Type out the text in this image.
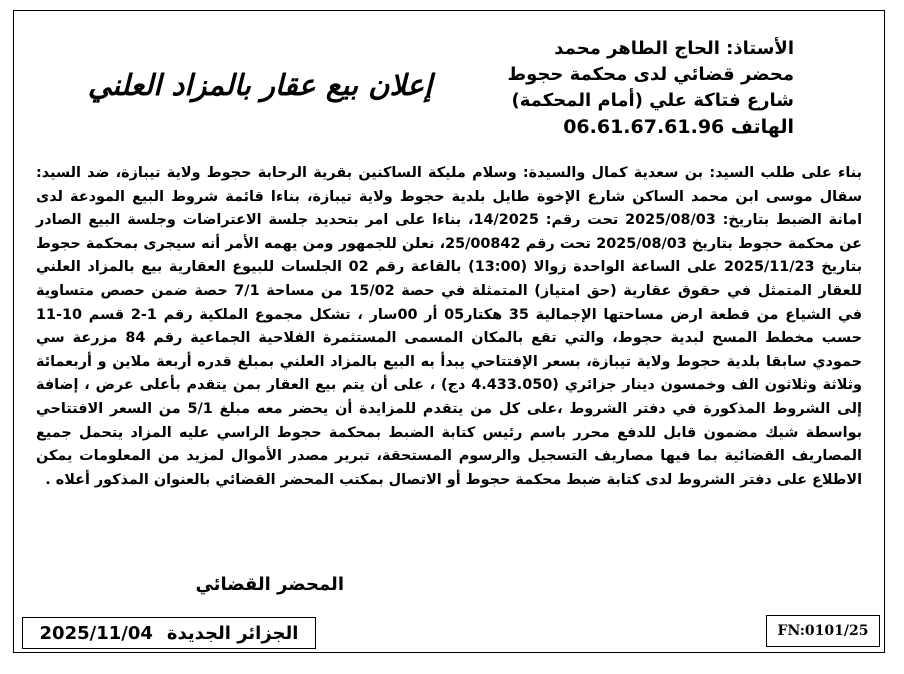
الأستاذ: الحاج الطاهر محمد
محضر قضائي لدى محكمة حجوط
شارع فتاكة علي (أمام المحكمة)
الهاتف 06.61.67.61.96
إعلان بيع عقار بالمزاد العلني
بناء على طلب السيد: بن سعدية كمال والسيدة: وسلام مليكة الساكنين بقرية الرحابة حجوط ولاية تيبازة، ضد السيد: سقال موسى ابن محمد الساكن شارع الإخوة طايل بلدية حجوط ولاية تيبازة، بناءا قائمة شروط البيع المودعة لدى امانة الضبط بتاريخ: 2025/08/03 تحت رقم: 14/2025، بناءا على امر بتحديد جلسة الاعتراضات وجلسة البيع الصادر عن محكمة حجوط بتاريخ 2025/08/03 تحت رقم 25/00842، نعلن للجمهور ومن يهمه الأمر أنه سيجرى بمحكمة حجوط بتاريخ 2025/11/23 على الساعة الواحدة زوالا (13:00) بالقاعة رقم 02 الجلسات للبيوع العقارية بيع بالمزاد العلني للعقار المتمثل في حقوق عقارية (حق امتياز) المتمثلة في حصة 15/02 من مساحة 7/1 حصة ضمن حصص متساوية في الشياع من قطعة ارض مساحتها الإجمالية 35 هكتار05 أر 00سار ، تشكل مجموع الملكية رقم 1-2 قسم 10-11 حسب مخطط المسح لبدية حجوط، والتي تقع بالمكان المسمى المستثمرة الفلاحية الجماعية رقم 84 مزرعة سي حمودي سابقا بلدية حجوط ولاية تيبازة، بسعر الإفتتاحي يبدأ به البيع بالمزاد العلني بمبلغ قدره أربعة ملاين و أربعمائة وثلاثة وثلاثون الف وخمسون دينار جزائري (4.433.050 دج) ، على أن يتم بيع العقار بمن يتقدم بأعلى عرض ، إضافة إلى الشروط المذكورة في دفتر الشروط ،على كل من يتقدم للمزايدة أن يحضر معه مبلغ 5/1 من السعر الافتتاحي بواسطة شيك مضمون قابل للدفع محرر باسم رئيس كتابة الضبط بمحكمة حجوط الراسي عليه المزاد يتحمل جميع المصاريف القضائية بما فيها مصاريف التسجيل والرسوم المستحقة، تبرير مصدر الأموال لمزيد من المعلومات يمكن الاطلاع على دفتر الشروط لدى كتابة ضبط محكمة حجوط أو الاتصال بمكتب المحضر القضائي بالعنوان المذكور أعلاه .
المحضر القضائي
2025/11/04 الجزائر الجديدة	FN:0101/25
